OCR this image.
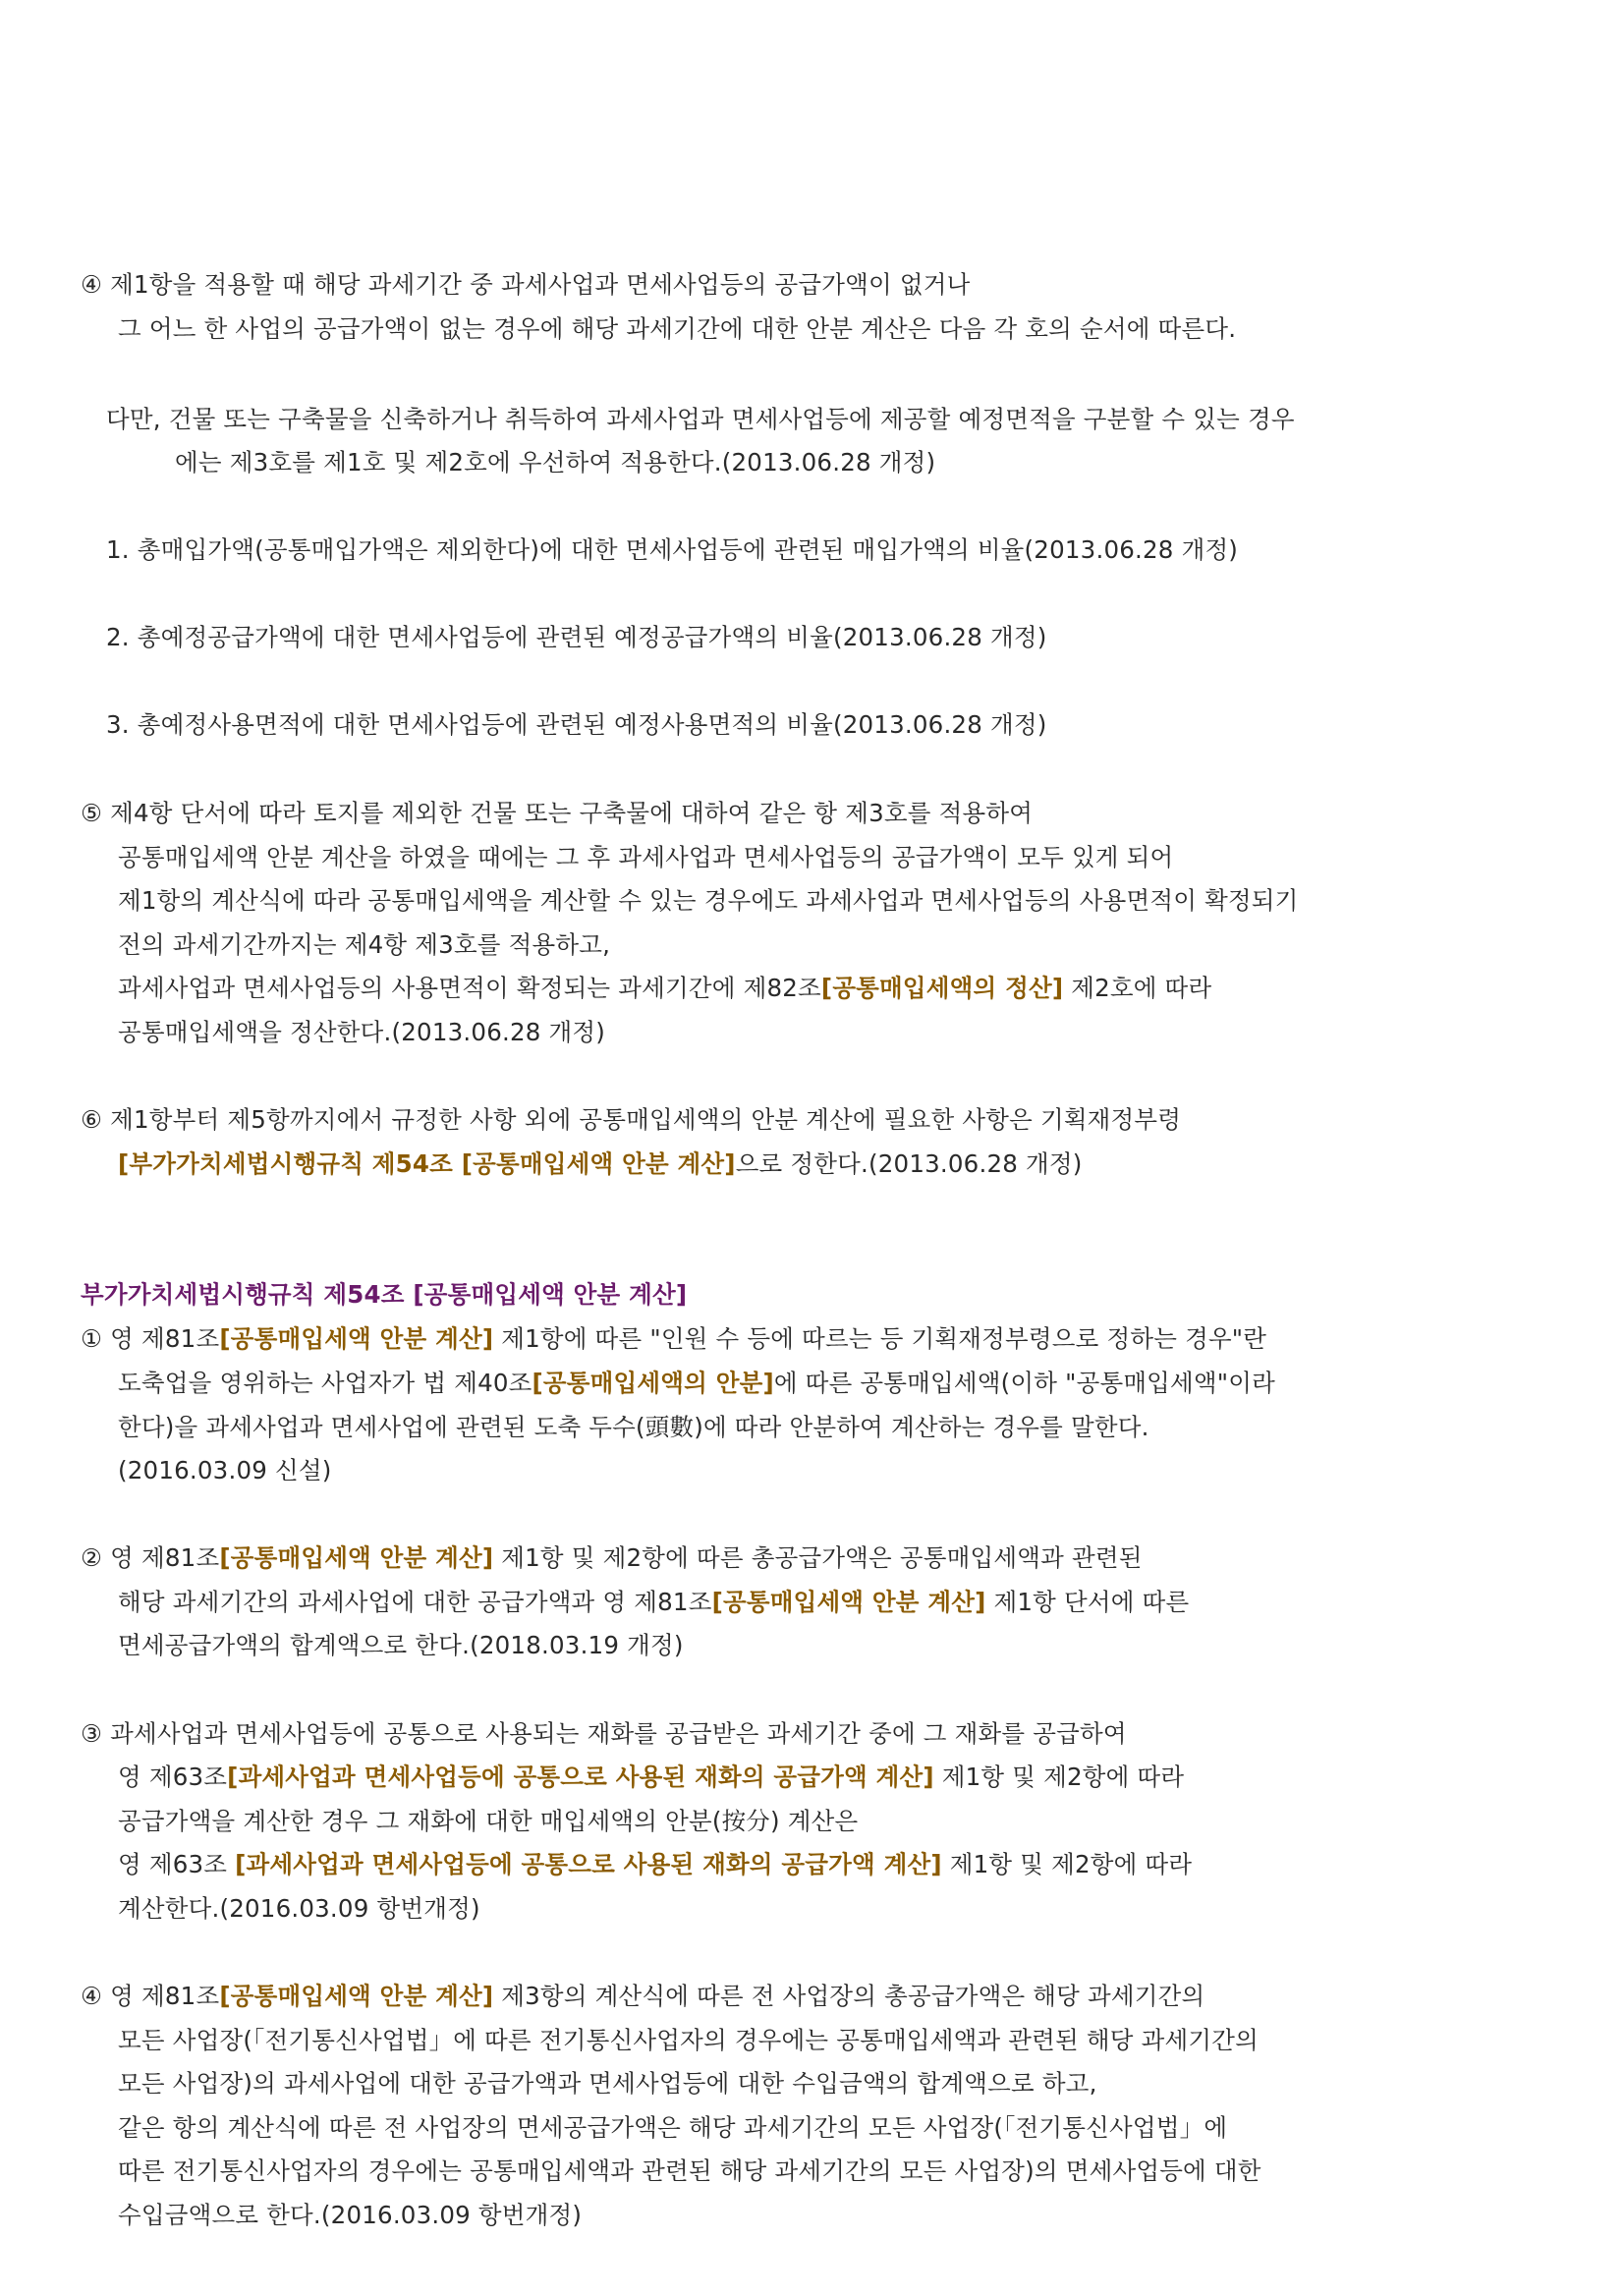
④ 제1항을 적용할 때 해당 과세기간 중 과세사업과 면세사업등의 공급가액이 없거나
그 어느 한 사업의 공급가액이 없는 경우에 해당 과세기간에 대한 안분 계산은 다음 각 호의 순서에 따른다.
다만, 건물 또는 구축물을 신축하거나 취득하여 과세사업과 면세사업등에 제공할 예정면적을 구분할 수 있는 경우
에는 제3호를 제1호 및 제2호에 우선하여 적용한다.(2013.06.28 개정)
1. 총매입가액(공통매입가액은 제외한다)에 대한 면세사업등에 관련된 매입가액의 비율(2013.06.28 개정)
2. 총예정공급가액에 대한 면세사업등에 관련된 예정공급가액의 비율(2013.06.28 개정)
3. 총예정사용면적에 대한 면세사업등에 관련된 예정사용면적의 비율(2013.06.28 개정)
⑤ 제4항 단서에 따라 토지를 제외한 건물 또는 구축물에 대하여 같은 항 제3호를 적용하여
공통매입세액 안분 계산을 하였을 때에는 그 후 과세사업과 면세사업등의 공급가액이 모두 있게 되어
제1항의 계산식에 따라 공통매입세액을 계산할 수 있는 경우에도 과세사업과 면세사업등의 사용면적이 확정되기
전의 과세기간까지는 제4항 제3호를 적용하고,
과세사업과 면세사업등의 사용면적이 확정되는 과세기간에 제82조[공통매입세액의 정산] 제2호에 따라
공통매입세액을 정산한다.(2013.06.28 개정)
⑥ 제1항부터 제5항까지에서 규정한 사항 외에 공통매입세액의 안분 계산에 필요한 사항은 기획재정부령
[부가가치세법시행규칙 제54조 [공통매입세액 안분 계산]으로 정한다.(2013.06.28 개정)
부가가치세법시행규칙 제54조 [공통매입세액 안분 계산]
① 영 제81조[공통매입세액 안분 계산] 제1항에 따른 "인원 수 등에 따르는 등 기획재정부령으로 정하는 경우"란
도축업을 영위하는 사업자가 법 제40조[공통매입세액의 안분]에 따른 공통매입세액(이하 "공통매입세액"이라
한다)을 과세사업과 면세사업에 관련된 도축 두수(頭數)에 따라 안분하여 계산하는 경우를 말한다.
(2016.03.09 신설)
② 영 제81조[공통매입세액 안분 계산] 제1항 및 제2항에 따른 총공급가액은 공통매입세액과 관련된
해당 과세기간의 과세사업에 대한 공급가액과 영 제81조[공통매입세액 안분 계산] 제1항 단서에 따른
면세공급가액의 합계액으로 한다.(2018.03.19 개정)
③ 과세사업과 면세사업등에 공통으로 사용되는 재화를 공급받은 과세기간 중에 그 재화를 공급하여
영 제63조[과세사업과 면세사업등에 공통으로 사용된 재화의 공급가액 계산] 제1항 및 제2항에 따라
공급가액을 계산한 경우 그 재화에 대한 매입세액의 안분(按分) 계산은
영 제63조 [과세사업과 면세사업등에 공통으로 사용된 재화의 공급가액 계산] 제1항 및 제2항에 따라
계산한다.(2016.03.09 항번개정)
④ 영 제81조[공통매입세액 안분 계산] 제3항의 계산식에 따른 전 사업장의 총공급가액은 해당 과세기간의
모든 사업장(「전기통신사업법」에 따른 전기통신사업자의 경우에는 공통매입세액과 관련된 해당 과세기간의
모든 사업장)의 과세사업에 대한 공급가액과 면세사업등에 대한 수입금액의 합계액으로 하고,
같은 항의 계산식에 따른 전 사업장의 면세공급가액은 해당 과세기간의 모든 사업장(「전기통신사업법」에
따른 전기통신사업자의 경우에는 공통매입세액과 관련된 해당 과세기간의 모든 사업장)의 면세사업등에 대한
수입금액으로 한다.(2016.03.09 항번개정)
